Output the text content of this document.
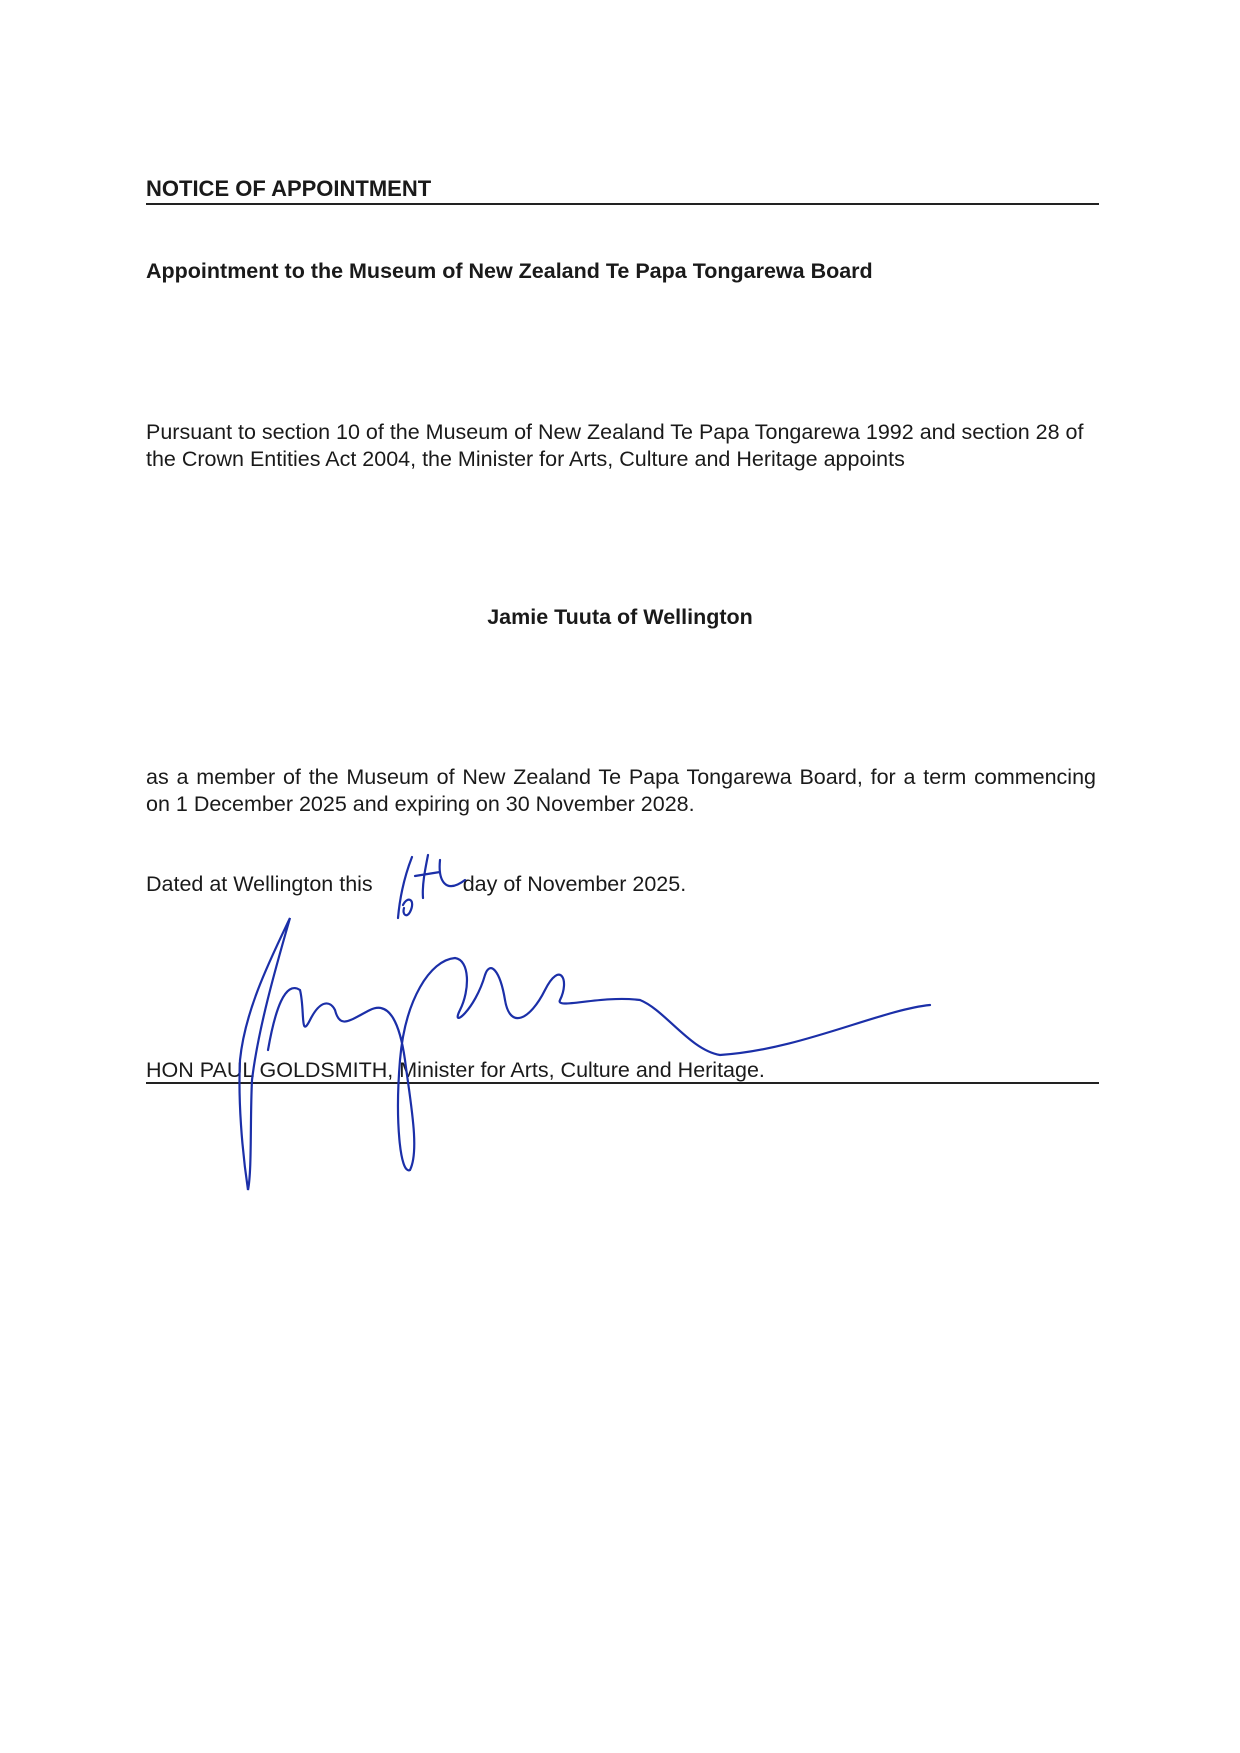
NOTICE OF APPOINTMENT
Appointment to the Museum of New Zealand Te Papa Tongarewa Board
Pursuant to section 10 of the Museum of New Zealand Te Papa Tongarewa 1992 and section 28 of the Crown Entities Act 2004, the Minister for Arts, Culture and Heritage appoints
Jamie Tuuta of Wellington
as a member of the Museum of New Zealand Te Papa Tongarewa Board, for a term commencing on 1 December 2025 and expiring on 30 November 2028.
Dated at Wellington this	day of November 2025.
HON PAUL GOLDSMITH, Minister for Arts, Culture and Heritage.
